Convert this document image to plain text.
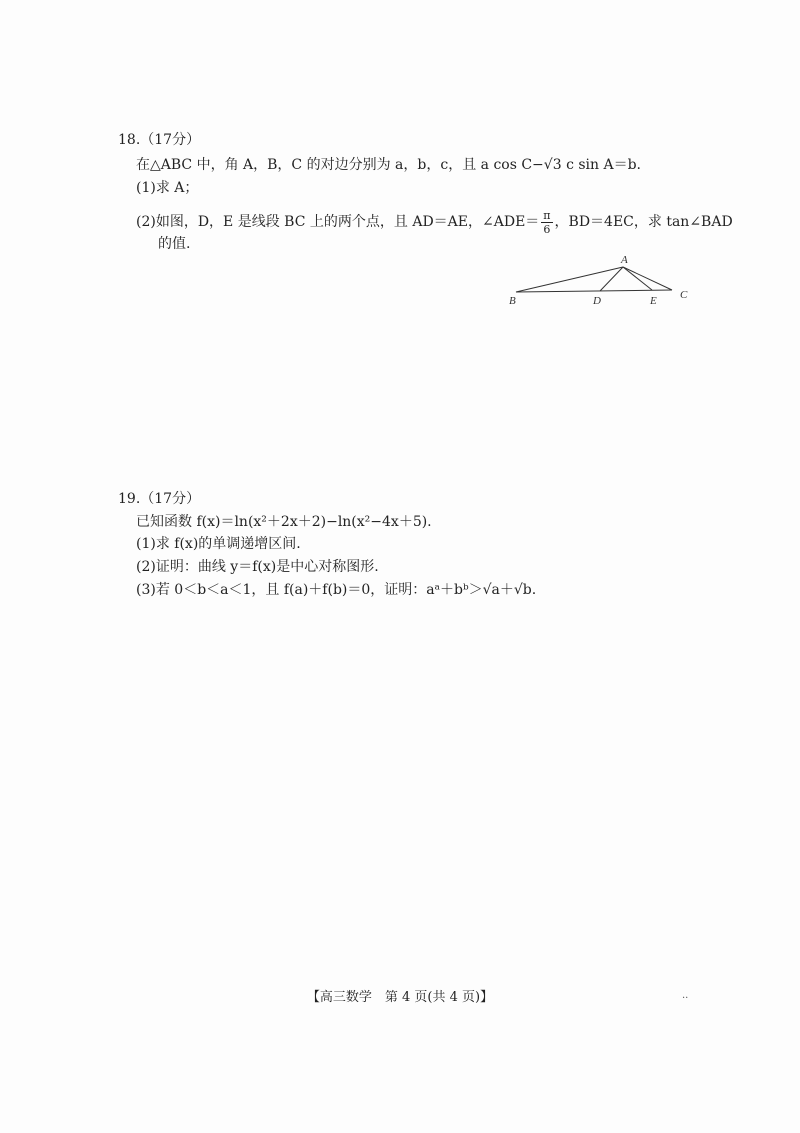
18.（17分）
在△ABC 中，角 A，B，C 的对边分别为 a，b，c，且 a cos C−√3 c sin A＝b.
(1)求 A；
(2)如图，D，E 是线段 BC 上的两个点，且 AD＝AE，∠ADE＝ $\frac{\pi}{6}$ ，BD＝4EC，求 tan∠BAD
的值.
A
B	D	E C
19.（17分）
已知函数 f(x)＝ln(x²＋2x＋2)−ln(x²−4x＋5).
(1)求 f(x)的单调递增区间.
(2)证明：曲线 y＝f(x)是中心对称图形.
(3)若 0＜b＜a＜1，且 f(a)＋f(b)＝0，证明：aᵃ＋bᵇ＞√a＋√b.
【高三数学　第 4 页(共 4 页)】	..
